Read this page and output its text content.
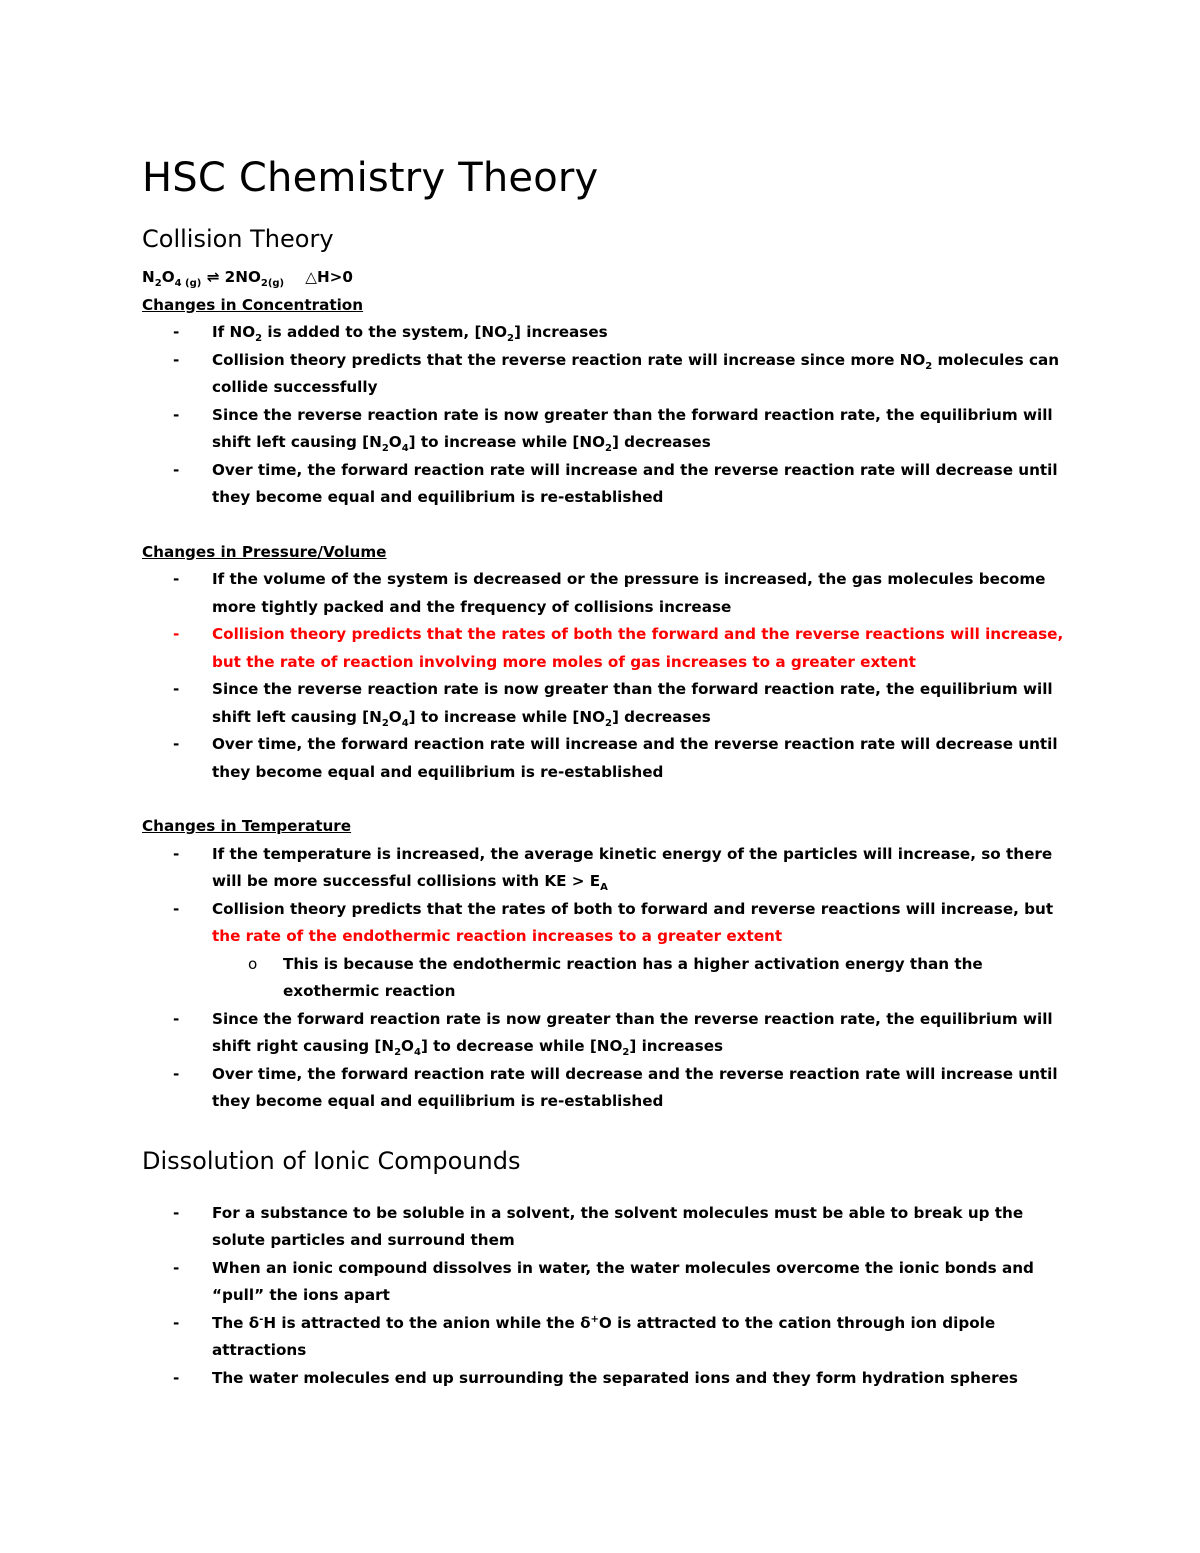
HSC Chemistry Theory
Collision Theory
$N_2O_{4 (g)}$ ⇌ $2NO_{2(g)}$    △H>0
Changes in Concentration
- If $NO_2$ is added to the system, $[NO_2]$ increases
- Collision theory predicts that the reverse reaction rate will increase since more $NO_2$ molecules can collide successfully
- Since the reverse reaction rate is now greater than the forward reaction rate, the equilibrium will shift left causing $[N_2O_4]$ to increase while $[NO_2]$ decreases
- Over time, the forward reaction rate will increase and the reverse reaction rate will decrease until they become equal and equilibrium is re-established
Changes in Pressure/Volume
- If the volume of the system is decreased or the pressure is increased, the gas molecules become more tightly packed and the frequency of collisions increase
- Collision theory predicts that the rates of both the forward and the reverse reactions will increase, but the rate of reaction involving more moles of gas increases to a greater extent
- Since the reverse reaction rate is now greater than the forward reaction rate, the equilibrium will shift left causing $[N_2O_4]$ to increase while $[NO_2]$ decreases
- Over time, the forward reaction rate will increase and the reverse reaction rate will decrease until they become equal and equilibrium is re-established
Changes in Temperature
- If the temperature is increased, the average kinetic energy of the particles will increase, so there will be more successful collisions with KE > $E_A$
- Collision theory predicts that the rates of both to forward and reverse reactions will increase, but the rate of the endothermic reaction increases to a greater extent
o This is because the endothermic reaction has a higher activation energy than the exothermic reaction
- Since the forward reaction rate is now greater than the reverse reaction rate, the equilibrium will shift right causing $[N_2O_4]$ to decrease while $[NO_2]$ increases
- Over time, the forward reaction rate will decrease and the reverse reaction rate will increase until they become equal and equilibrium is re-established
Dissolution of Ionic Compounds
- For a substance to be soluble in a solvent, the solvent molecules must be able to break up the solute particles and surround them
- When an ionic compound dissolves in water, the water molecules overcome the ionic bonds and “pull” the ions apart
- The δ-H is attracted to the anion while the δ+O is attracted to the cation through ion dipole attractions
- The water molecules end up surrounding the separated ions and they form hydration spheres
